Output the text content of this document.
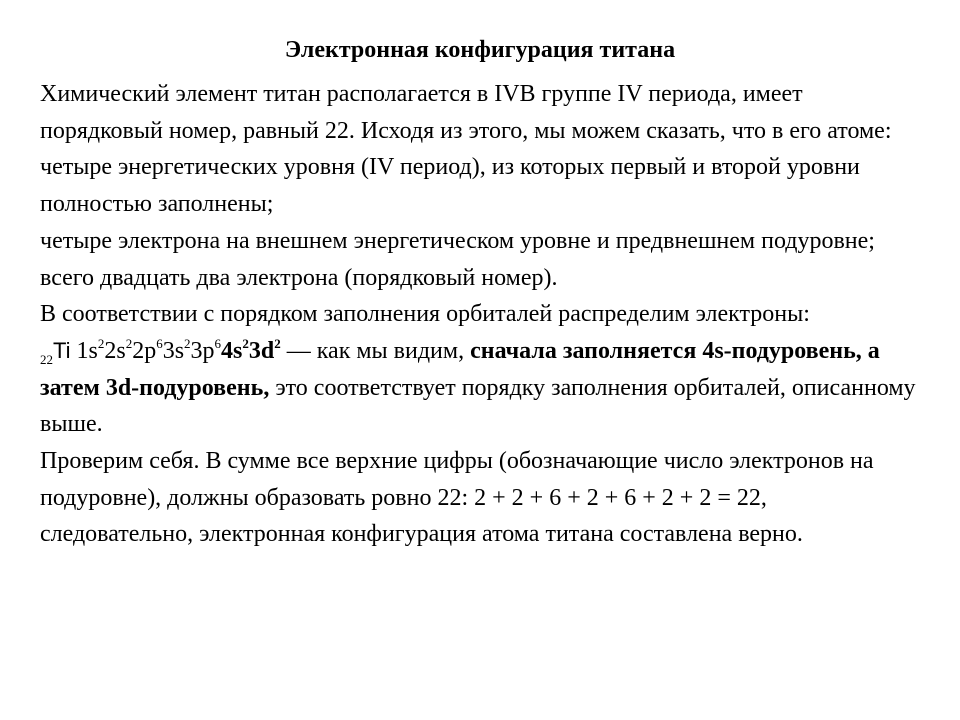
Электронная конфигурация титана

Химический элемент титан располагается в IVB группе IV периода, имеет порядковый номер, равный 22. Исходя из этого, мы можем сказать, что в его атоме:

четыре энергетических уровня (IV период), из которых первый и второй уровни полностью заполнены;

четыре электрона на внешнем энергетическом уровне и предвнешнем подуровне;

всего двадцать два электрона (порядковый номер).

В соответствии с порядком заполнения орбиталей распределим электроны:

$_{22}$Ti $1s^22s^22p^63s^23p^64s^23d^2$ — как мы видим, сначала заполняется 4s-подуровень, а затем 3d-подуровень, это соответствует порядку заполнения орбиталей, описанному выше.

Проверим себя. В сумме все верхние цифры (обозначающие число электронов на подуровне), должны образовать ровно 22: 2 + 2 + 6 + 2 + 6 + 2 + 2 = 22, следовательно, электронная конфигурация атома титана составлена верно.
